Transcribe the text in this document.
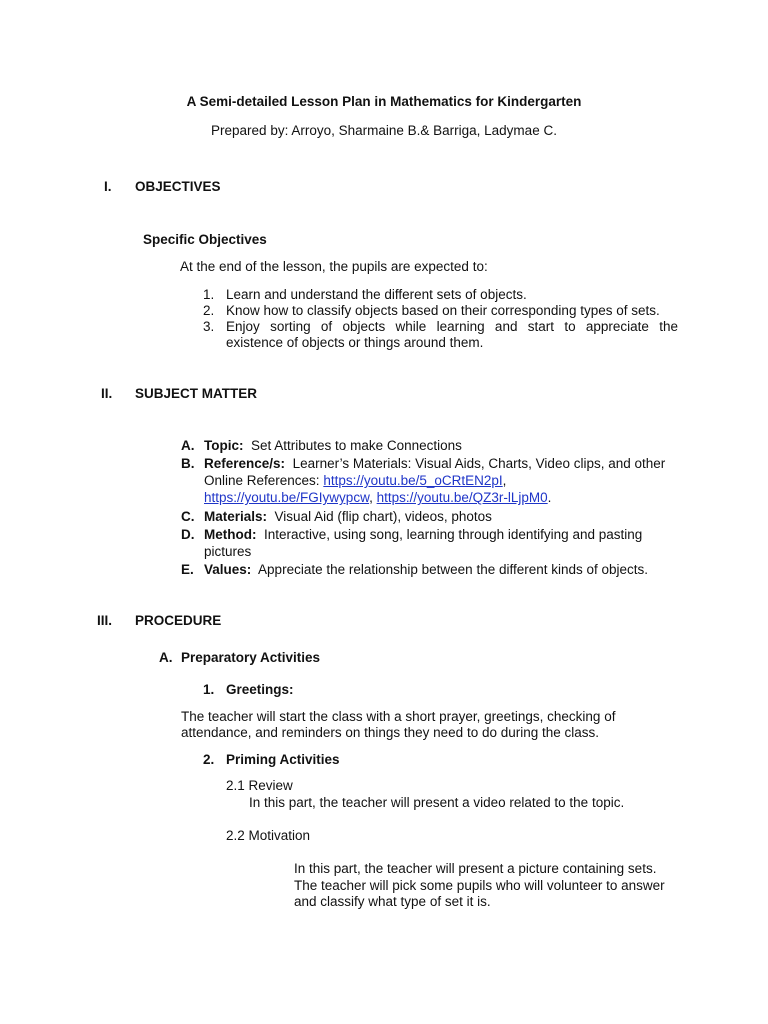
A Semi-detailed Lesson Plan in Mathematics for Kindergarten
Prepared by: Arroyo, Sharmaine B.& Barriga, Ladymae C.
I. OBJECTIVES
Specific Objectives
At the end of the lesson, the pupils are expected to:
1. Learn and understand the different sets of objects.
2. Know how to classify objects based on their corresponding types of sets.
3. Enjoy sorting of objects while learning and start to appreciate the
existence of objects or things around them.
II. SUBJECT MATTER
A. Topic: Set Attributes to make Connections
B. Reference/s: Learner’s Materials: Visual Aids, Charts, Video clips, and other
Online References: https://youtu.be/5_oCRtEN2pI,
https://youtu.be/FGIywypcw, https://youtu.be/QZ3r-lLjpM0.
C. Materials: Visual Aid (flip chart), videos, photos
D. Method: Interactive, using song, learning through identifying and pasting
pictures
E. Values: Appreciate the relationship between the different kinds of objects.
III. PROCEDURE
A. Preparatory Activities
1. Greetings:
The teacher will start the class with a short prayer, greetings, checking of
attendance, and reminders on things they need to do during the class.
2. Priming Activities
2.1 Review
In this part, the teacher will present a video related to the topic.
2.2 Motivation
In this part, the teacher will present a picture containing sets.
The teacher will pick some pupils who will volunteer to answer
and classify what type of set it is.
